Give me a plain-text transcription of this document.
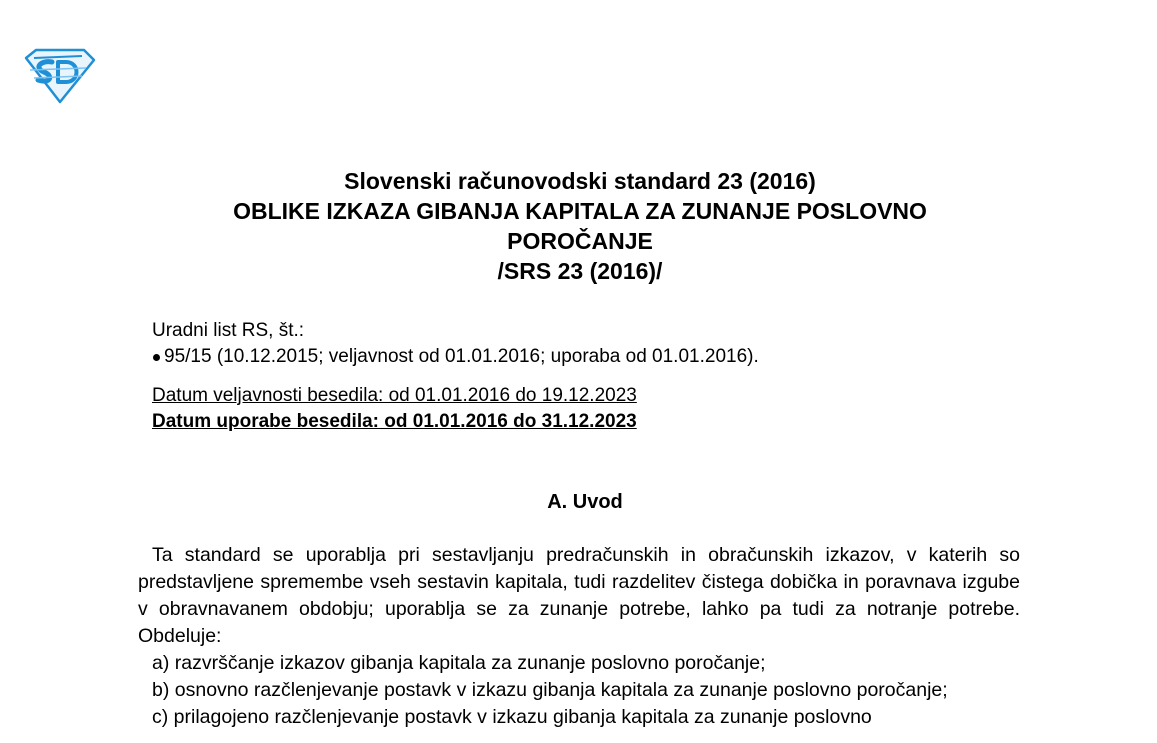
Slovenski računovodski standard 23 (2016)
OBLIKE IZKAZA GIBANJA KAPITALA ZA ZUNANJE POSLOVNO
POROČANJE
/SRS 23 (2016)/
Uradni list RS, št.:
95/15 (10.12.2015; veljavnost od 01.01.2016; uporaba od 01.01.2016).
Datum veljavnosti besedila: od 01.01.2016 do 19.12.2023
Datum uporabe besedila: od 01.01.2016 do 31.12.2023
A. Uvod

Ta standard se uporablja pri sestavljanju predračunskih in obračunskih izkazov, v katerih so predstavljene spremembe vseh sestavin kapitala, tudi razdelitev čistega dobička in poravnava izgube v obravnavanem obdobju; uporablja se za zunanje potrebe, lahko pa tudi za notranje potrebe. Obdeluje:

a) razvrščanje izkazov gibanja kapitala za zunanje poslovno poročanje;
b) osnovno razčlenjevanje postavk v izkazu gibanja kapitala za zunanje poslovno poročanje;
c) prilagojeno razčlenjevanje postavk v izkazu gibanja kapitala za zunanje poslovno
